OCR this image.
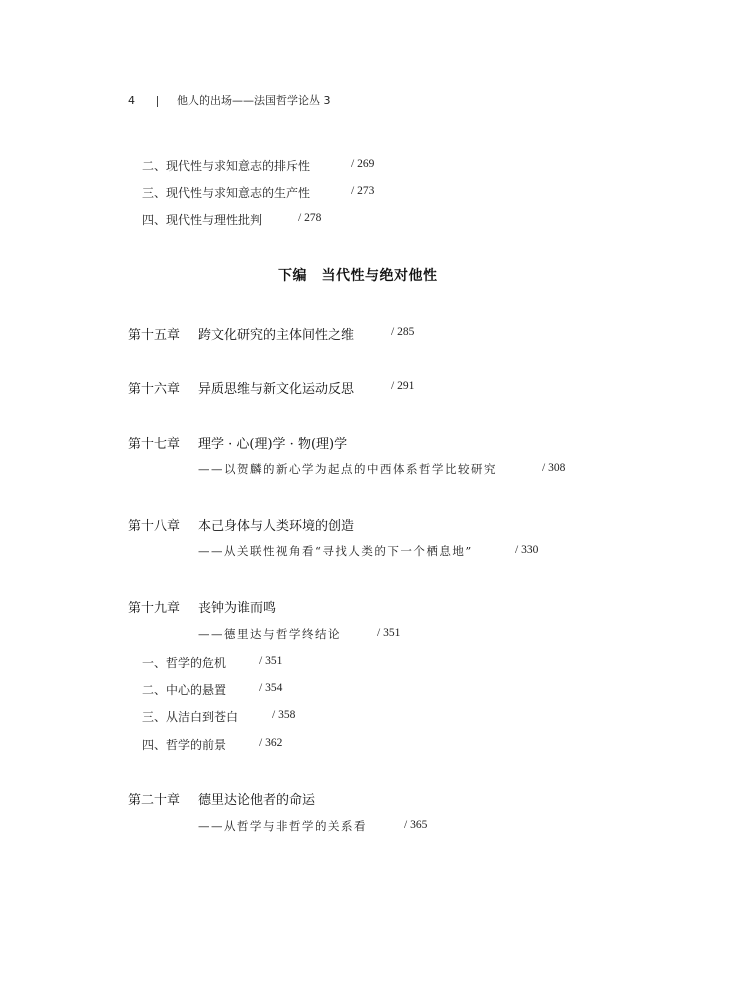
4	他人的出场——法国哲学论丛 3
二、现代性与求知意志的排斥性	/ 269
三、现代性与求知意志的生产性	/ 273
四、现代性与理性批判	/ 278
下编　当代性与绝对他性
第十五章 跨文化研究的主体间性之维	/ 285
第十六章 异质思维与新文化运动反思	/ 291
第十七章 理学 · 心(理)学 · 物(理)学
——以贺麟的新心学为起点的中西体系哲学比较研究	/ 308
第十八章 本己身体与人类环境的创造
——从关联性视角看“寻找人类的下一个栖息地”	/ 330
第十九章 丧钟为谁而鸣
——德里达与哲学终结论	/ 351
一、哲学的危机	/ 351
二、中心的悬置	/ 354
三、从洁白到苍白	/ 358
四、哲学的前景	/ 362
第二十章 德里达论他者的命运
——从哲学与非哲学的关系看	/ 365
